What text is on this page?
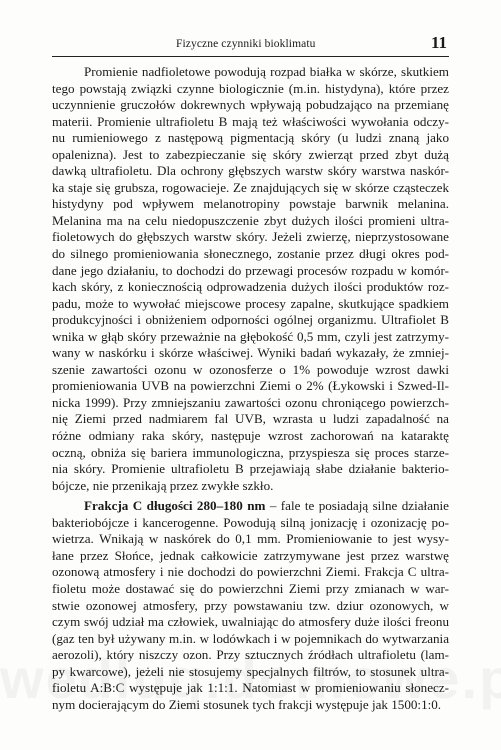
Fizyczne czynniki bioklimatu	11
Promienie nadfioletowe powodują rozpad białka w skórze, skutkiem
tego powstają związki czynne biologicznie (m.in. histydyna), które przez
uczynnienie gruczołów dokrewnych wpływają pobudzająco na przemianę
materii. Promienie ultrafioletu B mają też właściwości wywołania odczy-
nu rumieniowego z następową pigmentacją skóry (u ludzi znaną jako
opalenizna). Jest to zabezpieczanie się skóry zwierząt przed zbyt dużą
dawką ultrafioletu. Dla ochrony głębszych warstw skóry warstwa naskór-
ka staje się grubsza, rogowacieje. Ze znajdujących się w skórze cząsteczek
histydyny pod wpływem melanotropiny powstaje barwnik melanina.
Melanina ma na celu niedopuszczenie zbyt dużych ilości promieni ultra-
fioletowych do głębszych warstw skóry. Jeżeli zwierzę, nieprzystosowane
do silnego promieniowania słonecznego, zostanie przez długi okres pod-
dane jego działaniu, to dochodzi do przewagi procesów rozpadu w komór-
kach skóry, z koniecznością odprowadzenia dużych ilości produktów roz-
padu, może to wywołać miejscowe procesy zapalne, skutkujące spadkiem
produkcyjności i obniżeniem odporności ogólnej organizmu. Ultrafiolet B
wnika w głąb skóry przeważnie na głębokość 0,5 mm, czyli jest zatrzymy-
wany w naskórku i skórze właściwej. Wyniki badań wykazały, że zmniej-
szenie zawartości ozonu w ozonosferze o 1% powoduje wzrost dawki
promieniowania UVB na powierzchni Ziemi o 2% (Łykowski i Szwed-Il-
nicka 1999). Przy zmniejszaniu zawartości ozonu chroniącego powierzch-
nię Ziemi przed nadmiarem fal UVB, wzrasta u ludzi zapadalność na
różne odmiany raka skóry, następuje wzrost zachorowań na kataraktę
oczną, obniża się bariera immunologiczna, przyspiesza się proces starze-
nia skóry. Promienie ultrafioletu B przejawiają słabe działanie bakterio-
bójcze, nie przenikają przez zwykłe szkło.
Frakcja C długości 280–180 nm – fale te posiadają silne działanie
bakteriobójcze i kancerogenne. Powodują silną jonizację i ozonizację po-
wietrza. Wnikają w naskórek do 0,1 mm. Promieniowanie to jest wysy-
łane przez Słońce, jednak całkowicie zatrzymywane jest przez warstwę
ozonową atmosfery i nie dochodzi do powierzchni Ziemi. Frakcja C ultra-
fioletu może dostawać się do powierzchni Ziemi przy zmianach w war-
stwie ozonowej atmosfery, przy powstawaniu tzw. dziur ozonowych, w
czym swój udział ma człowiek, uwalniając do atmosfery duże ilości freonu
(gaz ten był używany m.in. w lodówkach i w pojemnikach do wytwarzania
aerozoli), który niszczy ozon. Przy sztucznych źródłach ultrafioletu (lam-
py kwarcowe), jeżeli nie stosujemy specjalnych filtrów, to stosunek ultra-
fioletu A:B:C występuje jak 1:1:1. Natomiast w promieniowaniu słonecz-
nym docierającym do Ziemi stosunek tych frakcji występuje jak 1500:1:0.
